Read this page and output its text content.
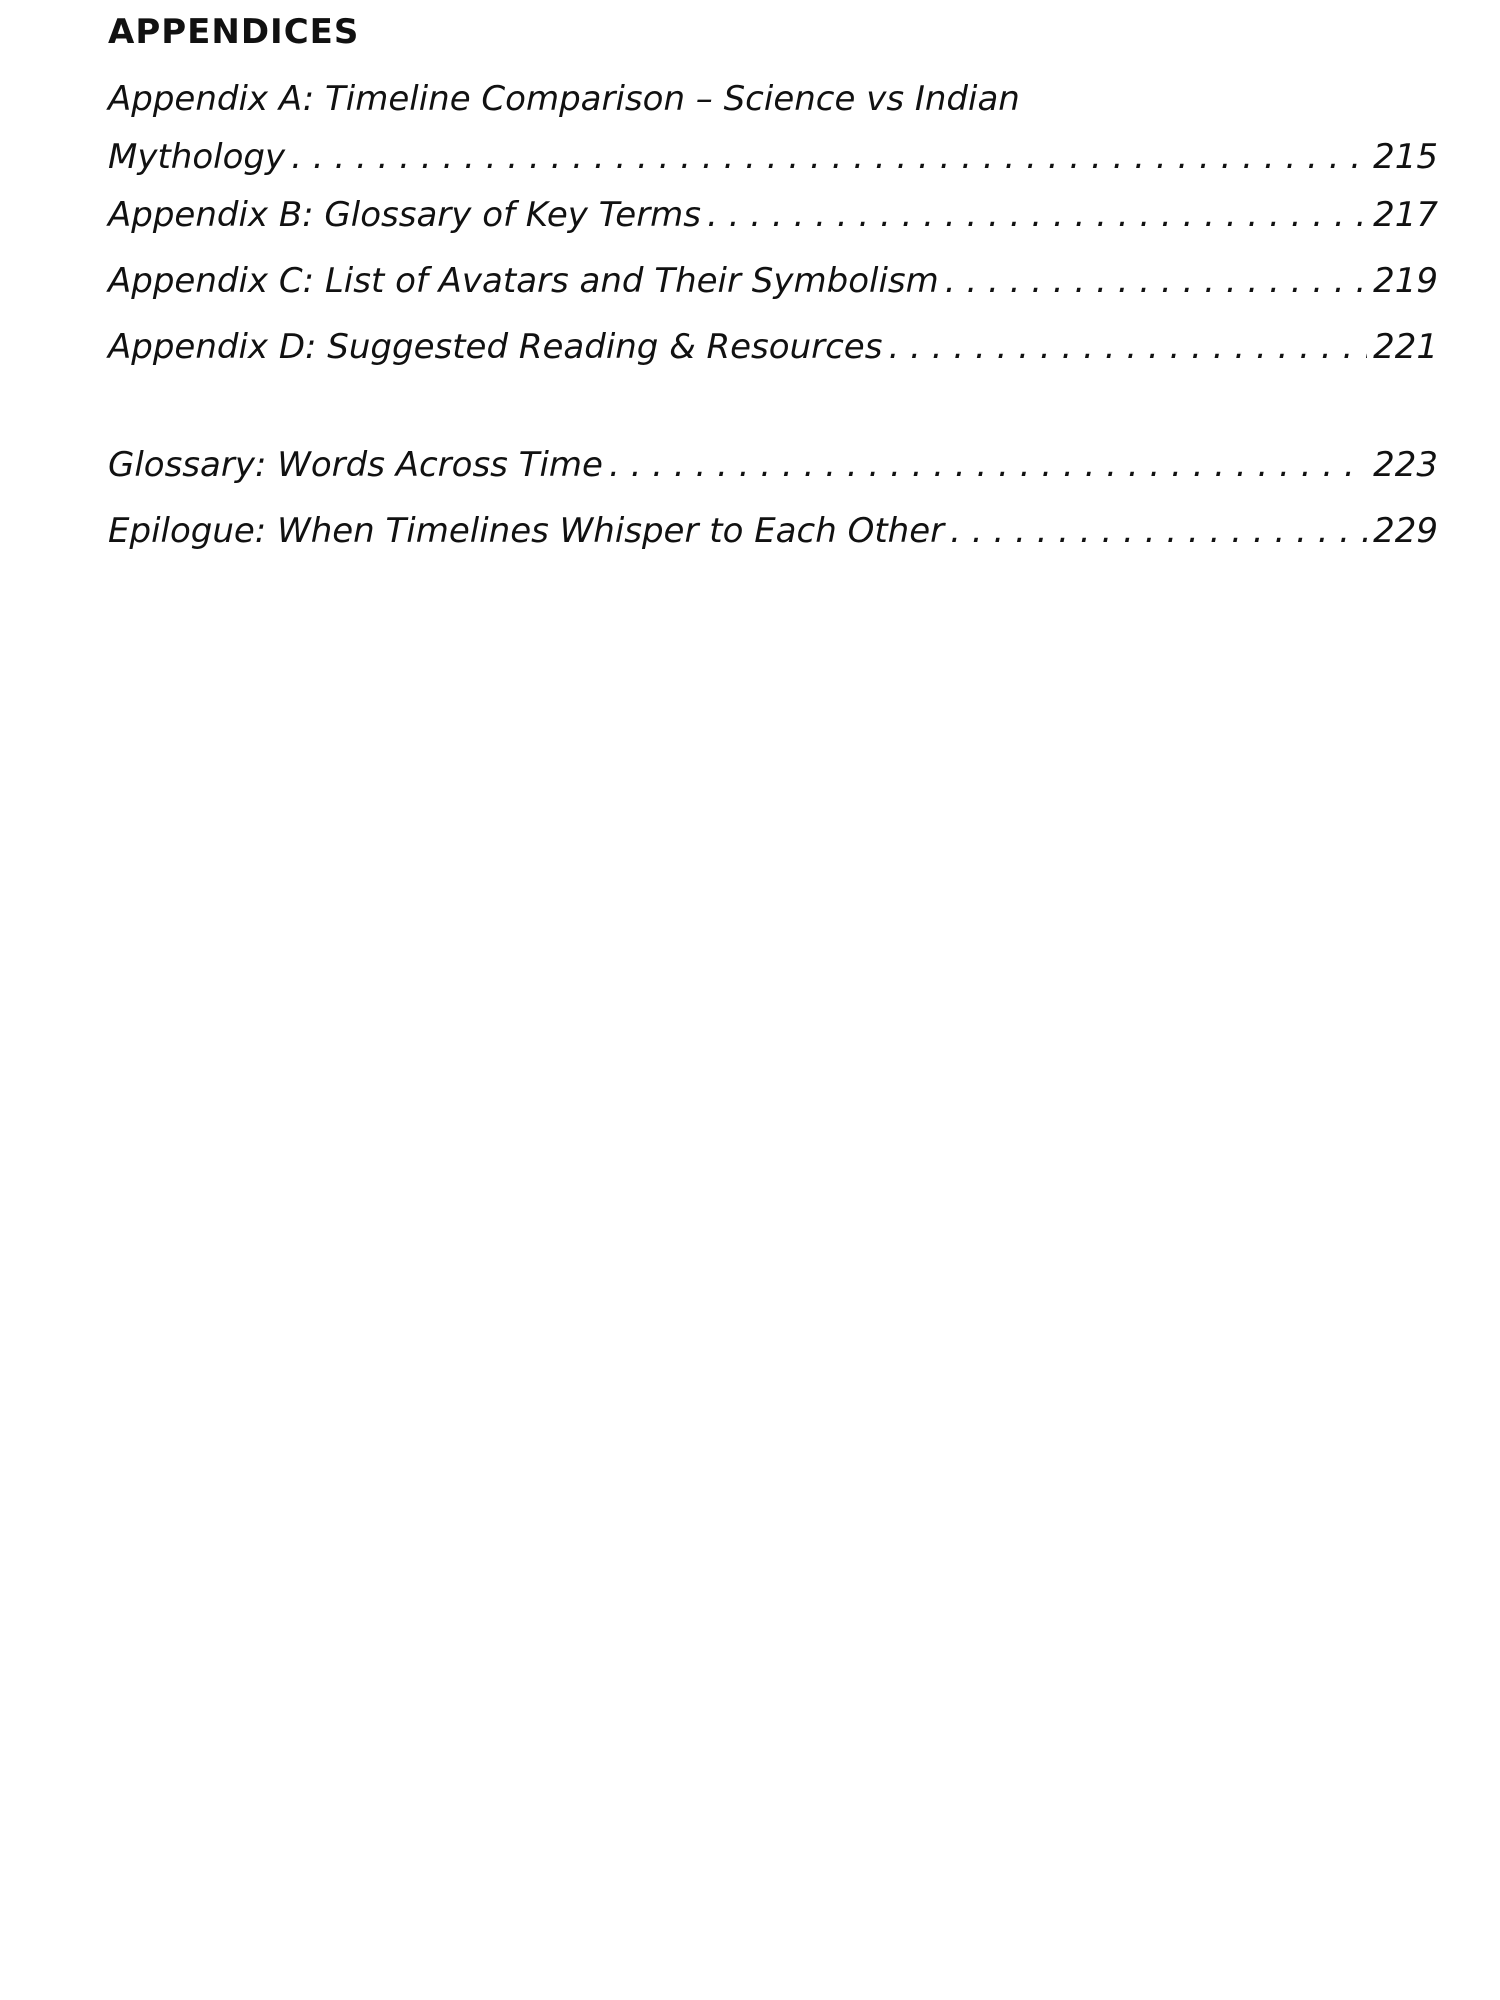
APPENDICES
Appendix A: Timeline Comparison – Science vs Indian
Mythology . . .	215
Appendix B: Glossary of Key Terms . . .	217
Appendix C: List of Avatars and Their Symbolism . . .	219
Appendix D: Suggested Reading & Resources . . .	221
Glossary: Words Across Time . . .	223
Epilogue: When Timelines Whisper to Each Other . . .	229
